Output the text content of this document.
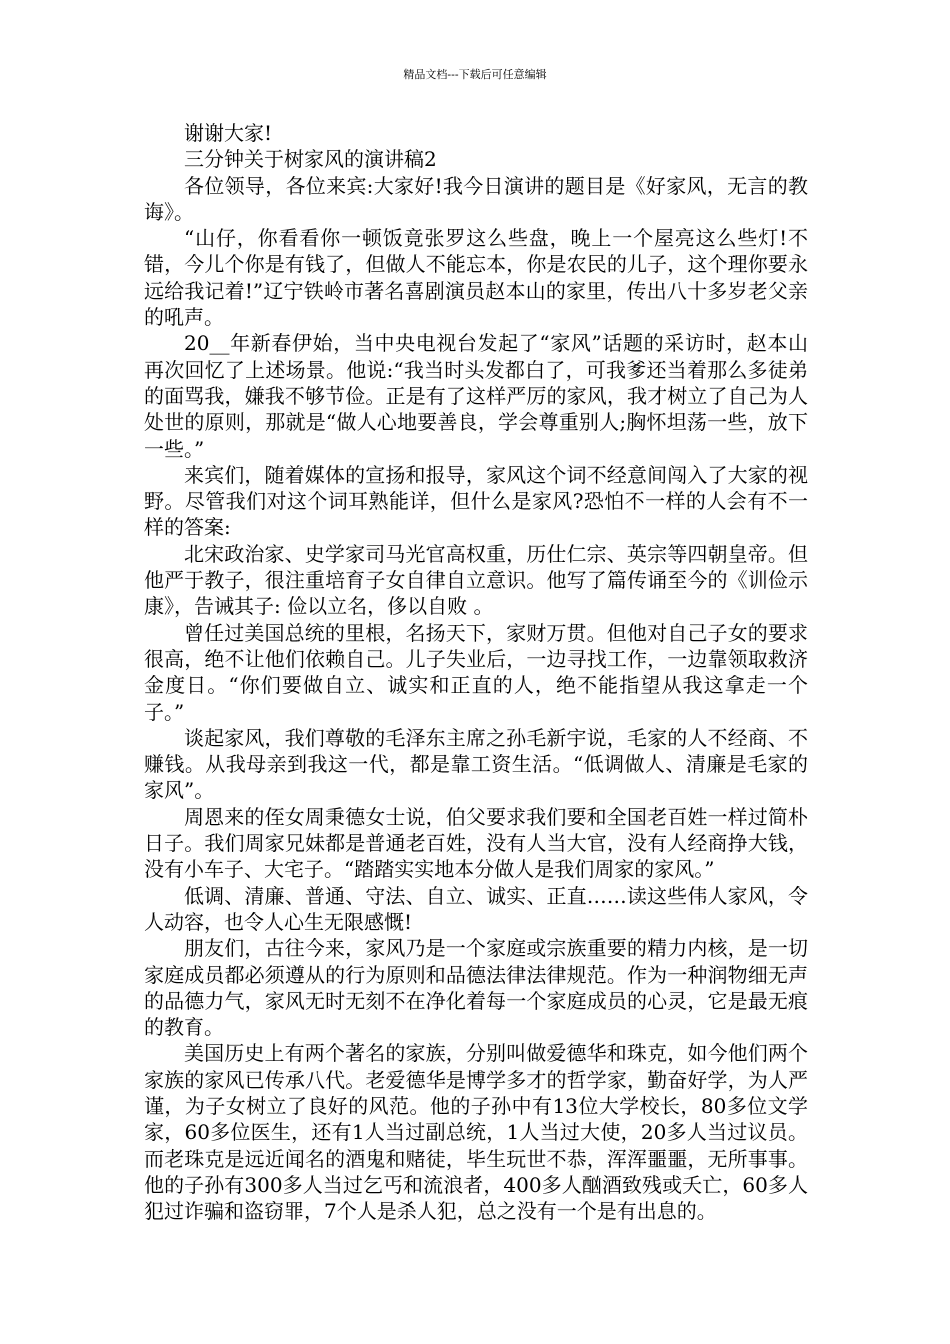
精品文档---下载后可任意编辑

谢谢大家!

三分钟关于树家风的演讲稿2

各位领导，各位来宾:大家好!我今日演讲的题目是《好家风，无言的教诲》。

“山仔，你看看你一顿饭竟张罗这么些盘，晚上一个屋亮这么些灯!不错，今儿个你是有钱了，但做人不能忘本，你是农民的儿子，这个理你要永远给我记着!”辽宁铁岭市著名喜剧演员赵本山的家里，传出八十多岁老父亲的吼声。

20__年新春伊始，当中央电视台发起了“家风”话题的采访时，赵本山再次回忆了上述场景。他说:“我当时头发都白了，可我爹还当着那么多徒弟的面骂我，嫌我不够节俭。正是有了这样严厉的家风，我才树立了自己为人处世的原则，那就是“做人心地要善良，学会尊重别人;胸怀坦荡一些，放下一些。”

来宾们，随着媒体的宣扬和报导，家风这个词不经意间闯入了大家的视野。尽管我们对这个词耳熟能详，但什么是家风?恐怕不一样的人会有不一样的答案:

北宋政治家、史学家司马光官高权重，历仕仁宗、英宗等四朝皇帝。但他严于教子，很注重培育子女自律自立意识。他写了篇传诵至今的《训俭示康》，告诫其子: 俭以立名，侈以自败 。

曾任过美国总统的里根，名扬天下，家财万贯。但他对自己子女的要求很高，绝不让他们依赖自己。儿子失业后，一边寻找工作，一边靠领取救济金度日。“你们要做自立、诚实和正直的人，绝不能指望从我这拿走一个子。”

谈起家风，我们尊敬的毛泽东主席之孙毛新宇说，毛家的人不经商、不赚钱。从我母亲到我这一代，都是靠工资生活。“低调做人、清廉是毛家的家风”。

周恩来的侄女周秉德女士说，伯父要求我们要和全国老百姓一样过简朴日子。我们周家兄妹都是普通老百姓，没有人当大官，没有人经商挣大钱，没有小车子、大宅子。“踏踏实实地本分做人是我们周家的家风。”

低调、清廉、普通、守法、自立、诚实、正直……读这些伟人家风，令人动容，也令人心生无限感慨!

朋友们，古往今来，家风乃是一个家庭或宗族重要的精力内核，是一切家庭成员都必须遵从的行为原则和品德法律法律规范。作为一种润物细无声的品德力气，家风无时无刻不在净化着每一个家庭成员的心灵，它是最无痕的教育。

美国历史上有两个著名的家族，分别叫做爱德华和珠克，如今他们两个家族的家风已传承八代。老爱德华是博学多才的哲学家，勤奋好学，为人严谨，为子女树立了良好的风范。他的子孙中有13位大学校长，80多位文学家，60多位医生，还有1人当过副总统，1人当过大使，20多人当过议员。而老珠克是远近闻名的酒鬼和赌徒，毕生玩世不恭，浑浑噩噩，无所事事。他的子孙有300多人当过乞丐和流浪者，400多人酗酒致残或夭亡，60多人犯过诈骗和盗窃罪，7个人是杀人犯，总之没有一个是有出息的。
